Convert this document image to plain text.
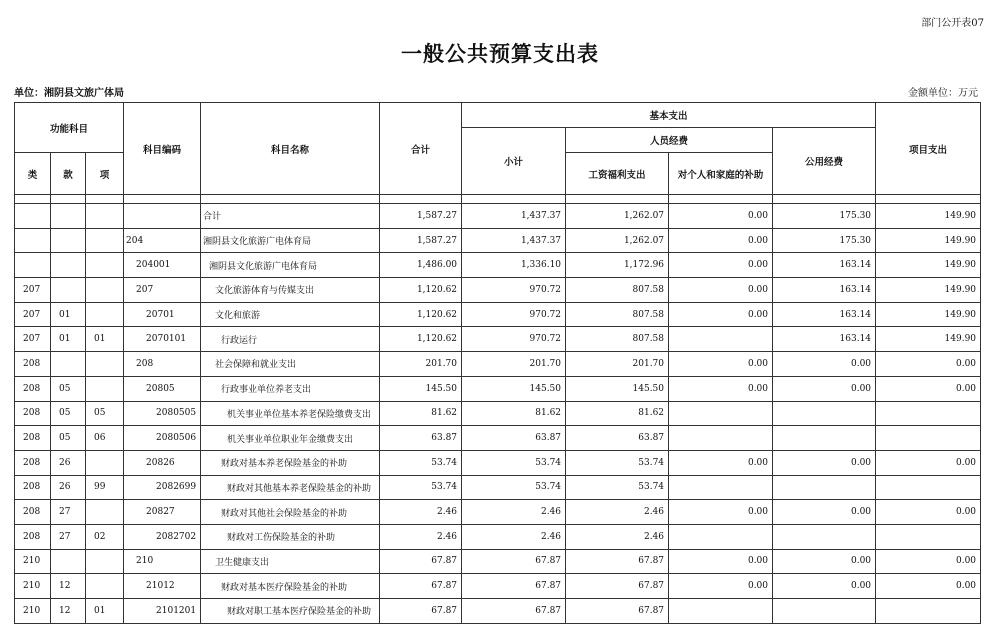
部门公开表07
一般公共预算支出表
单位：湘阴县文旅广体局	金额单位：万元
功能科目			科目编码	科目名称	合计	基本支出				项目支出
						小计	人员经费		公用经费	
类	款	项					工资福利支出	对个人和家庭的补助		

				合计	1,587.27	1,437.37	1,262.07	0.00	175.30	149.90
			204	湘阴县文化旅游广电体育局	1,587.27	1,437.37	1,262.07	0.00	175.30	149.90
			204001	湘阴县文化旅游广电体育局	1,486.00	1,336.10	1,172.96	0.00	163.14	149.90
207			207	文化旅游体育与传媒支出	1,120.62	970.72	807.58	0.00	163.14	149.90
207	01		20701	文化和旅游	1,120.62	970.72	807.58	0.00	163.14	149.90
207	01	01	2070101	行政运行	1,120.62	970.72	807.58		163.14	149.90
208			208	社会保障和就业支出	201.70	201.70	201.70	0.00	0.00	0.00
208	05		20805	行政事业单位养老支出	145.50	145.50	145.50	0.00	0.00	0.00
208	05	05	2080505	机关事业单位基本养老保险缴费支出	81.62	81.62	81.62			
208	05	06	2080506	机关事业单位职业年金缴费支出	63.87	63.87	63.87			
208	26		20826	财政对基本养老保险基金的补助	53.74	53.74	53.74	0.00	0.00	0.00
208	26	99	2082699	财政对其他基本养老保险基金的补助	53.74	53.74	53.74			
208	27		20827	财政对其他社会保险基金的补助	2.46	2.46	2.46	0.00	0.00	0.00
208	27	02	2082702	财政对工伤保险基金的补助	2.46	2.46	2.46			
210			210	卫生健康支出	67.87	67.87	67.87	0.00	0.00	0.00
210	12		21012	财政对基本医疗保险基金的补助	67.87	67.87	67.87	0.00	0.00	0.00
210	12	01	2101201	财政对职工基本医疗保险基金的补助	67.87	67.87	67.87			
